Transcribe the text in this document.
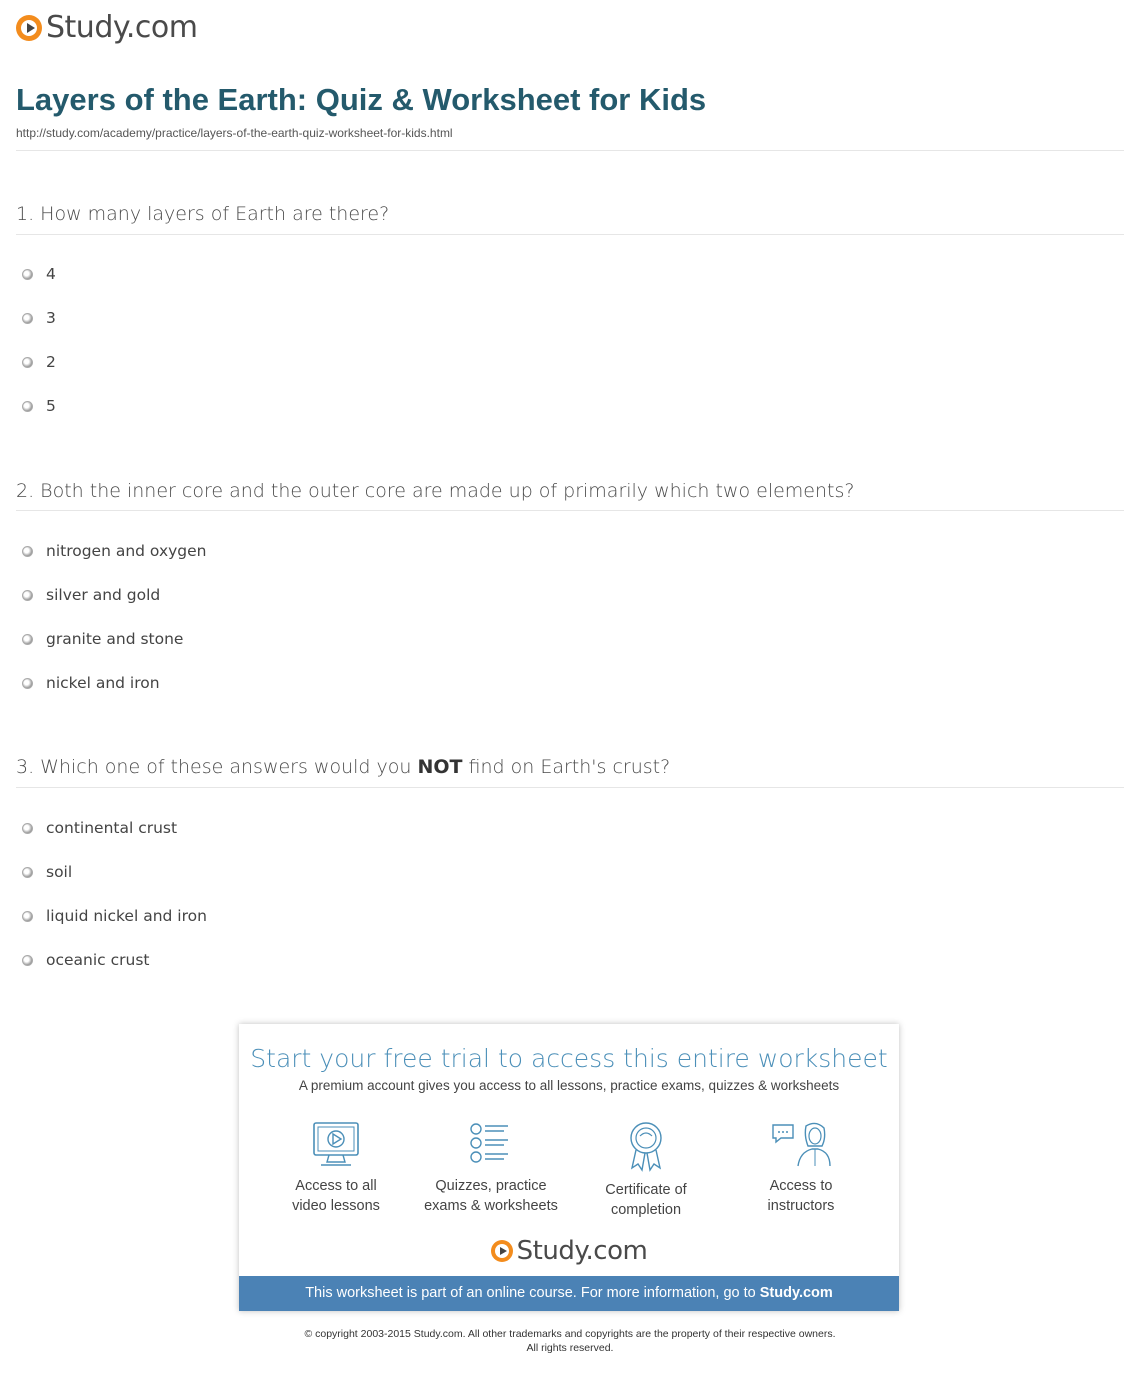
Study.com
Layers of the Earth: Quiz & Worksheet for Kids
http://study.com/academy/practice/layers-of-the-earth-quiz-worksheet-for-kids.html
1. How many layers of Earth are there?
4
3
2
5
2. Both the inner core and the outer core are made up of primarily which two elements?
nitrogen and oxygen
silver and gold
granite and stone
nickel and iron
3. Which one of these answers would you NOT find on Earth's crust?
continental crust
soil
liquid nickel and iron
oceanic crust
Start your free trial to access this entire worksheet
A premium account gives you access to all lessons, practice exams, quizzes & worksheets
Access to all
video lessons
Quizzes, practice
exams & worksheets
Certificate of
completion
Access to
instructors
Study.com
This worksheet is part of an online course. For more information, go to Study.com
© copyright 2003-2015 Study.com. All other trademarks and copyrights are the property of their respective owners.
All rights reserved.
